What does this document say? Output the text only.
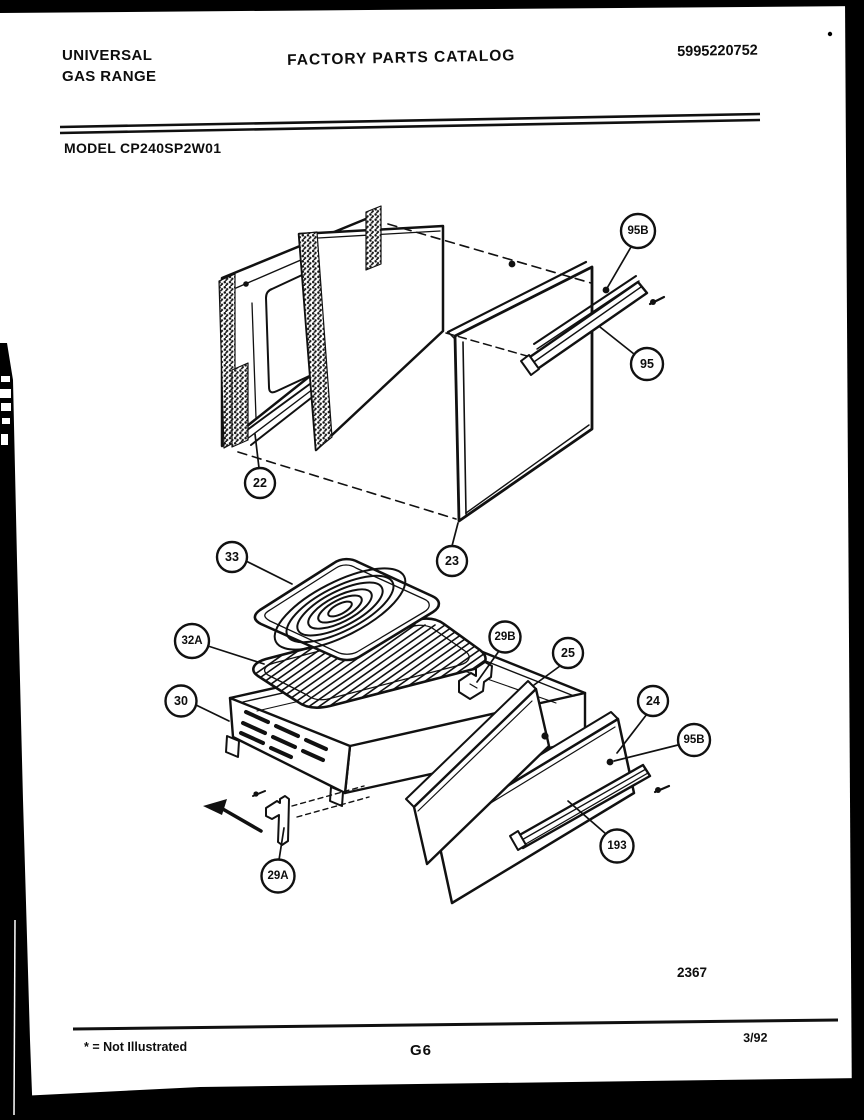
95B
95
22
23
33
32A	29B
25
30	24
95B
193
29A
UNIVERSAL
GAS RANGE
FACTORY PARTS CATALOG	5995220752
MODEL CP240SP2W01
2367
* = Not Illustrated	G6
3/92
